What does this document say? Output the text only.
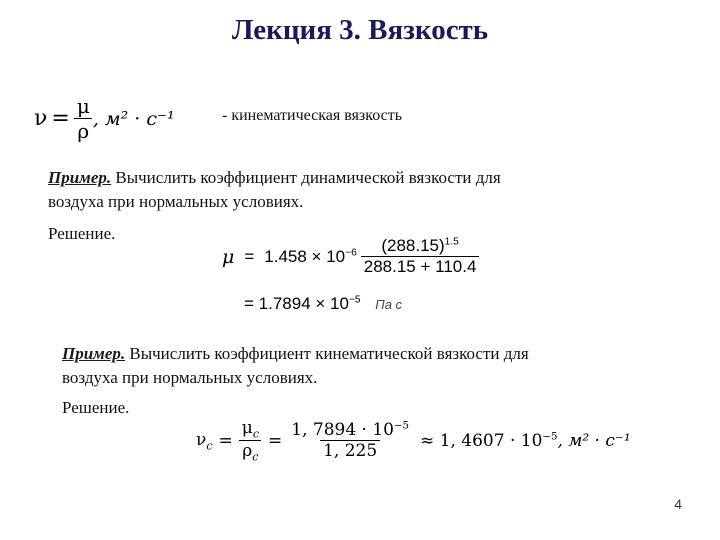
Лекция 3. Вязкость
$\nu = \frac{\mu}{\rho}$ , м² · с⁻¹	- кинематическая вязкость
Пример. Вычислить коэффициент динамической вязкости для
воздуха при нормальных условиях.
Решение.
$\mu = 1.458 \times 10^{-6} \frac{(288.15)^{1.5}}{288.15 + 110.4}$
= $1.7894 \times 10^{-5}$ Па с
Пример. Вычислить коэффициент кинематической вязкости для
воздуха при нормальных условиях.
Решение.
$\nu_с = \frac{\mu_с}{\rho_с} = \frac{1, 7894 \cdot 10^{-5}}{1, 225} \approx 1$, $4607 \cdot 10^{-5}$ , м² · с⁻¹
4
